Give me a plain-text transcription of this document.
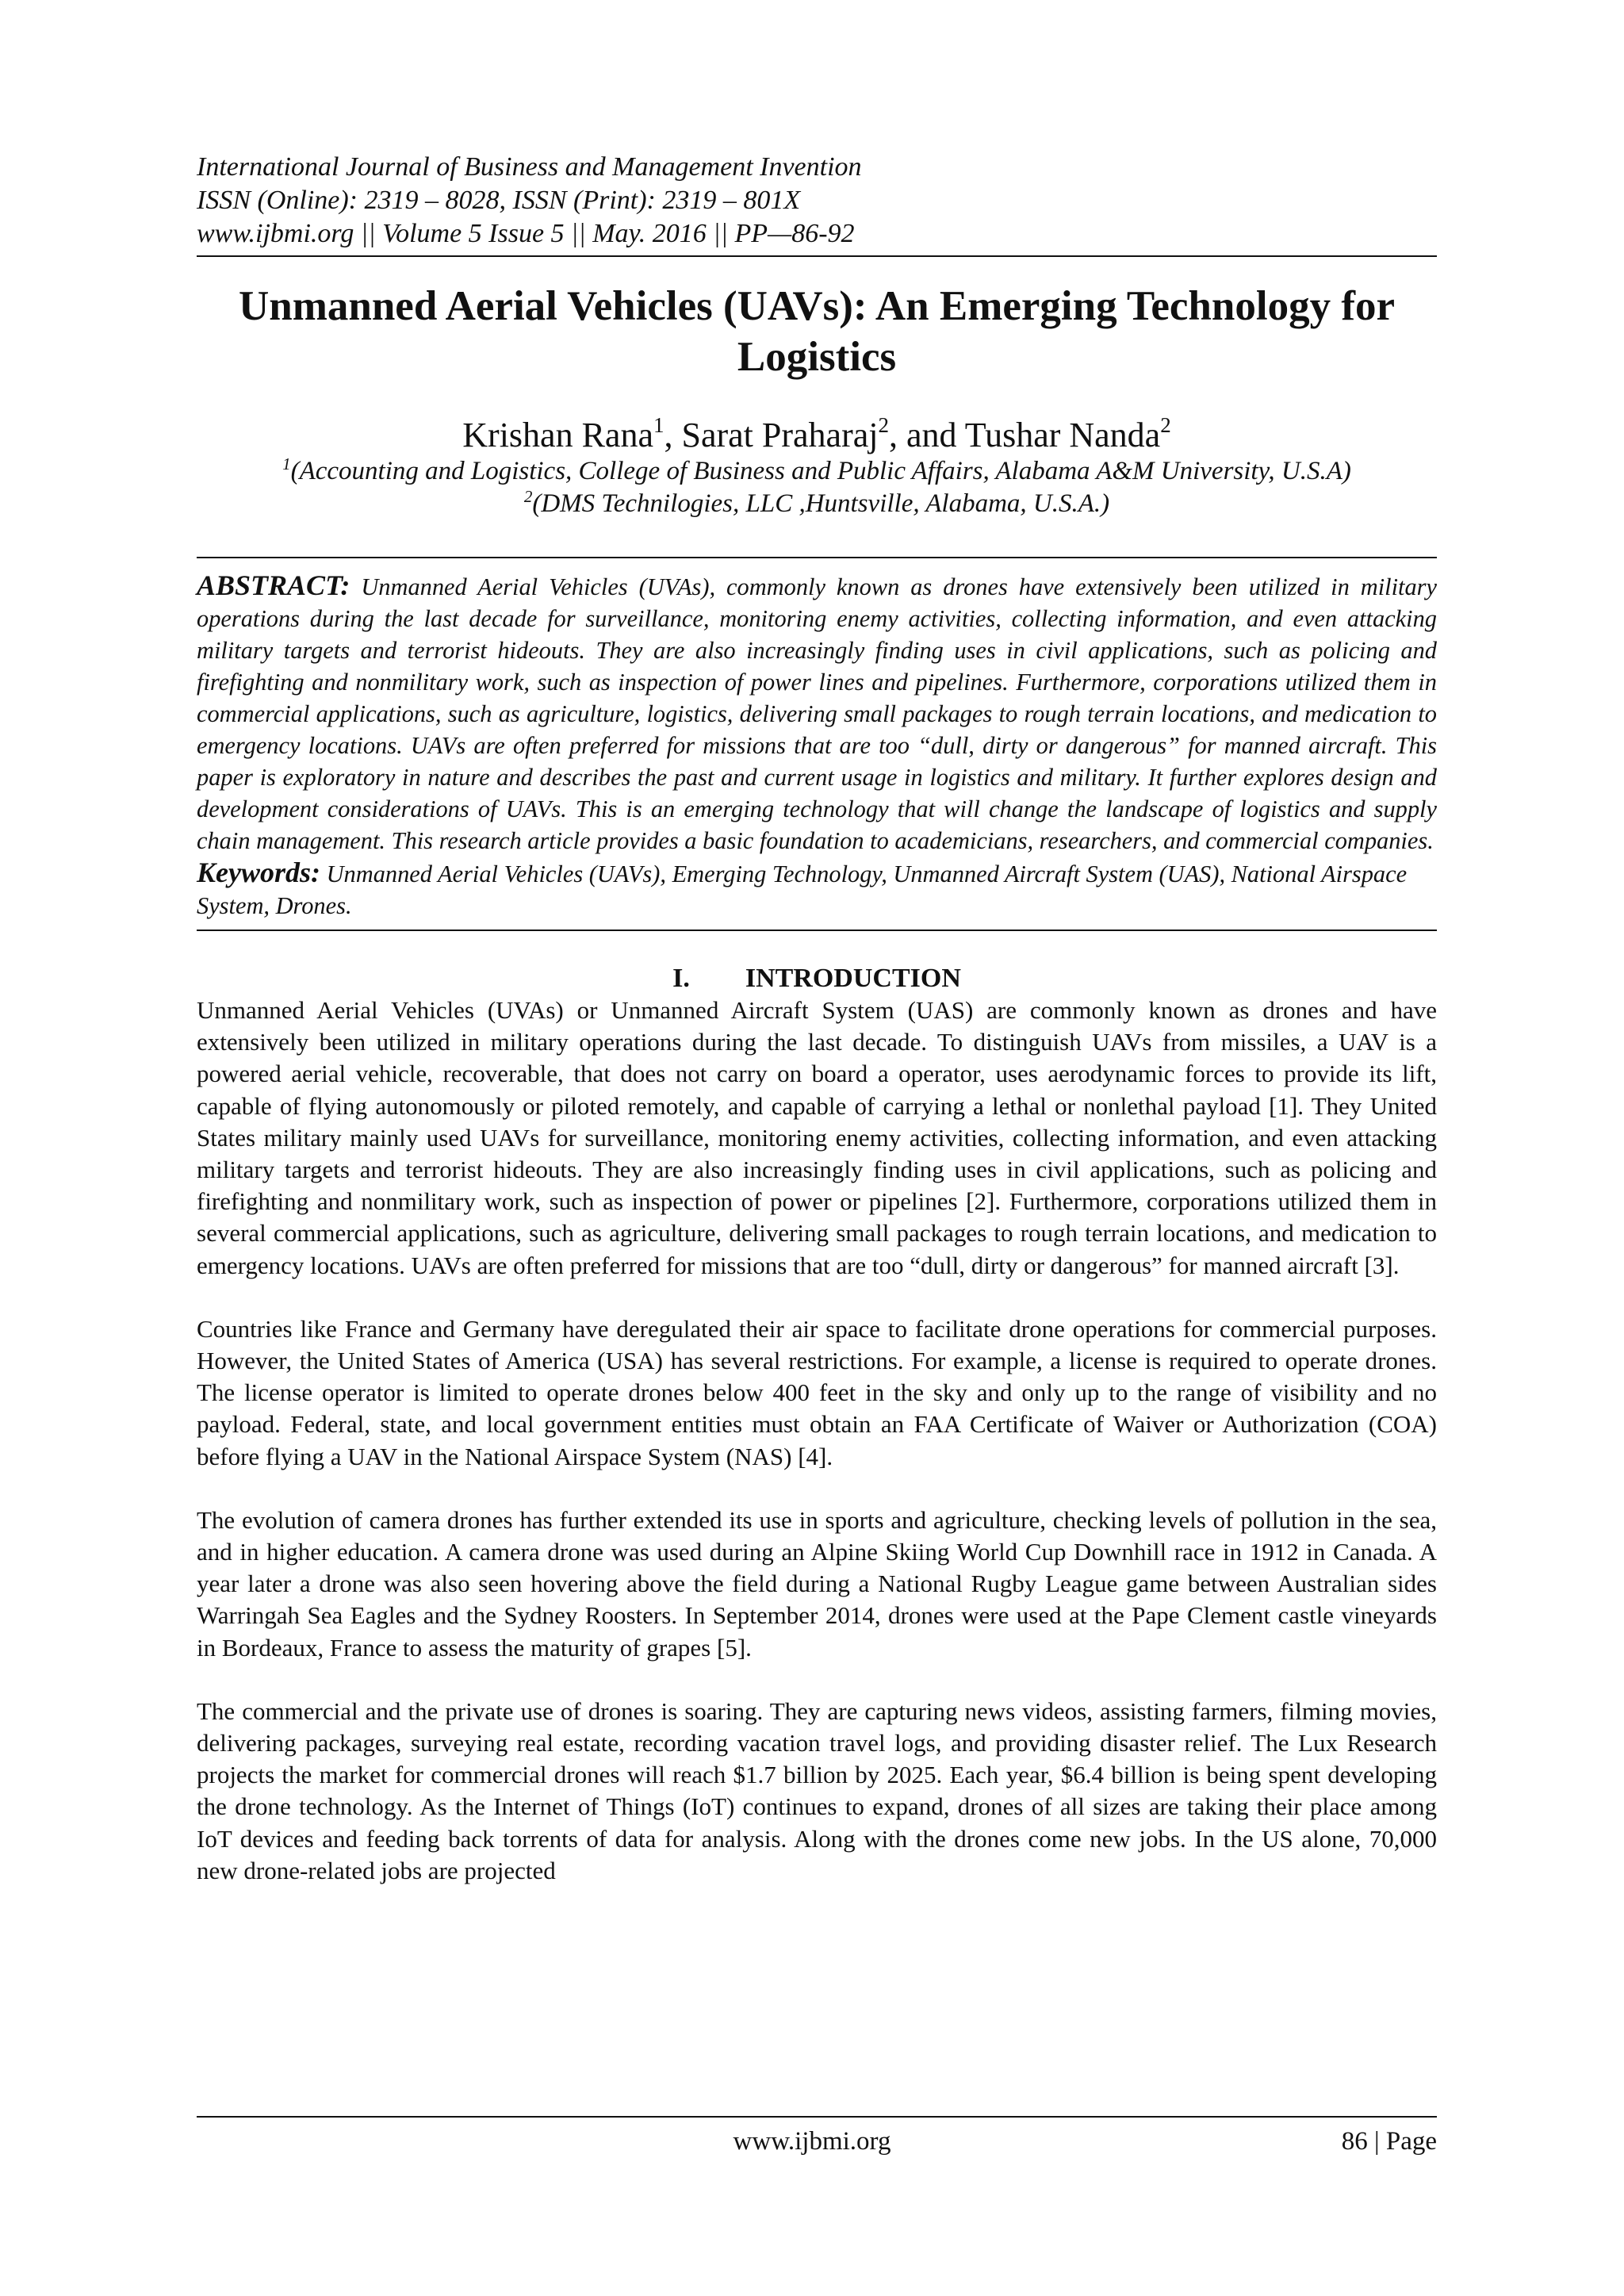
International Journal of Business and Management Invention
ISSN (Online): 2319 – 8028, ISSN (Print): 2319 – 801X
www.ijbmi.org || Volume 5 Issue 5 || May. 2016 || PP—86-92
Unmanned Aerial Vehicles (UAVs): An Emerging Technology for Logistics
Krishan Rana$^1$, Sarat Praharaj$^2$, and Tushar Nanda$^2$
$^1$(Accounting and Logistics, College of Business and Public Affairs, Alabama A&M University, U.S.A)
$^2$(DMS Technilogies, LLC ,Huntsville, Alabama, U.S.A.)
ABSTRACT: Unmanned Aerial Vehicles (UVAs), commonly known as drones have extensively been utilized in military operations during the last decade for surveillance, monitoring enemy activities, collecting information, and even attacking military targets and terrorist hideouts. They are also increasingly finding uses in civil applications, such as policing and firefighting and nonmilitary work, such as inspection of power lines and pipelines. Furthermore, corporations utilized them in commercial applications, such as agriculture, logistics, delivering small packages to rough terrain locations, and medication to emergency locations. UAVs are often preferred for missions that are too “dull, dirty or dangerous” for manned aircraft. This paper is exploratory in nature and describes the past and current usage in logistics and military. It further explores design and development considerations of UAVs. This is an emerging technology that will change the landscape of logistics and supply chain management. This research article provides a basic foundation to academicians, researchers, and commercial companies.
Keywords: Unmanned Aerial Vehicles (UAVs), Emerging Technology, Unmanned Aircraft System (UAS), National Airspace System, Drones.
I. INTRODUCTION

Unmanned Aerial Vehicles (UVAs) or Unmanned Aircraft System (UAS) are commonly known as drones and have extensively been utilized in military operations during the last decade. To distinguish UAVs from missiles, a UAV is a powered aerial vehicle, recoverable, that does not carry on board a operator, uses aerodynamic forces to provide its lift, capable of flying autonomously or piloted remotely, and capable of carrying a lethal or nonlethal payload [1]. They United States military mainly used UAVs for surveillance, monitoring enemy activities, collecting information, and even attacking military targets and terrorist hideouts. They are also increasingly finding uses in civil applications, such as policing and firefighting and nonmilitary work, such as inspection of power or pipelines [2]. Furthermore, corporations utilized them in several commercial applications, such as agriculture, delivering small packages to rough terrain locations, and medication to emergency locations. UAVs are often preferred for missions that are too “dull, dirty or dangerous” for manned aircraft [3].

Countries like France and Germany have deregulated their air space to facilitate drone operations for commercial purposes. However, the United States of America (USA) has several restrictions. For example, a license is required to operate drones. The license operator is limited to operate drones below 400 feet in the sky and only up to the range of visibility and no payload. Federal, state, and local government entities must obtain an FAA Certificate of Waiver or Authorization (COA) before flying a UAV in the National Airspace System (NAS) [4].

The evolution of camera drones has further extended its use in sports and agriculture, checking levels of pollution in the sea, and in higher education. A camera drone was used during an Alpine Skiing World Cup Downhill race in 1912 in Canada. A year later a drone was also seen hovering above the field during a National Rugby League game between Australian sides Warringah Sea Eagles and the Sydney Roosters. In September 2014, drones were used at the Pape Clement castle vineyards in Bordeaux, France to assess the maturity of grapes [5].

The commercial and the private use of drones is soaring. They are capturing news videos, assisting farmers, filming movies, delivering packages, surveying real estate, recording vacation travel logs, and providing disaster relief. The Lux Research projects the market for commercial drones will reach $1.7 billion by 2025. Each year, $6.4 billion is being spent developing the drone technology. As the Internet of Things (IoT) continues to expand, drones of all sizes are taking their place among IoT devices and feeding back torrents of data for analysis. Along with the drones come new jobs. In the US alone, 70,000 new drone-related jobs are projected

www.ijbmi.org	86 | Page
